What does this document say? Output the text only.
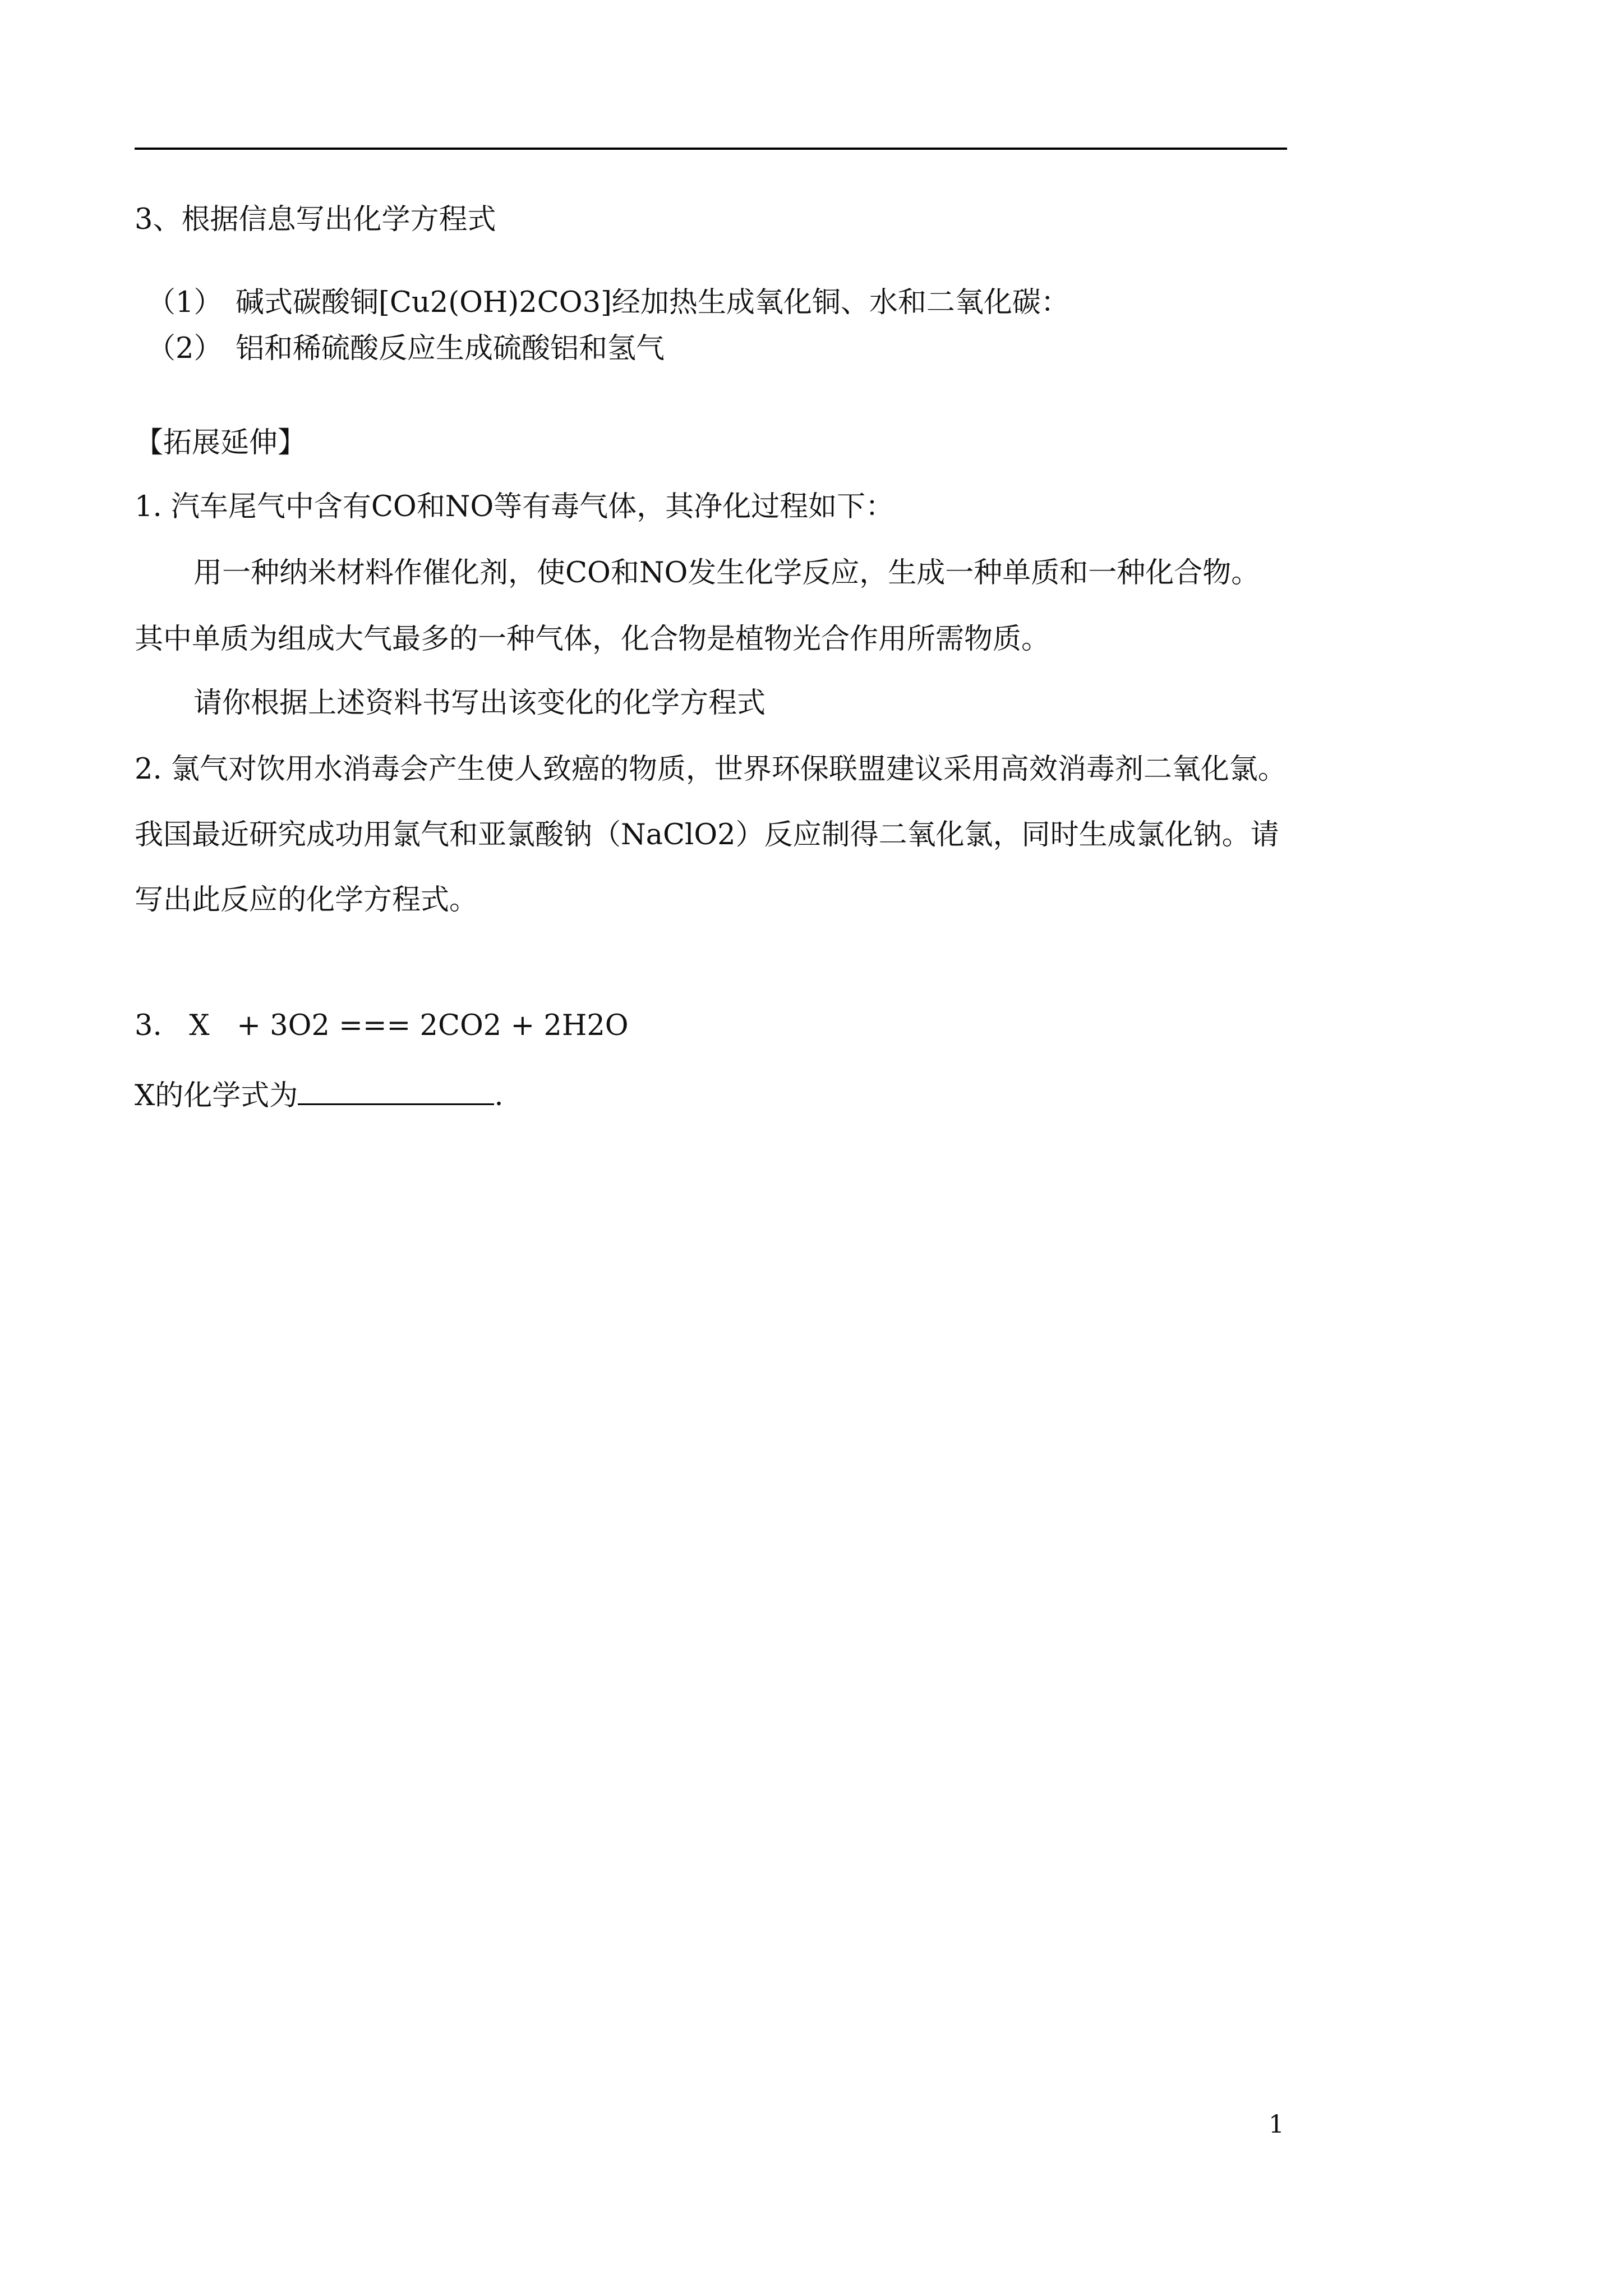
3、根据信息写出化学方程式
（1） 碱式碳酸铜[Cu2(OH)2CO3]经加热生成氧化铜、水和二氧化碳：
（2） 铝和稀硫酸反应生成硫酸铝和氢气
【拓展延伸】
1. 汽车尾气中含有CO和NO等有毒气体，其净化过程如下：
用一种纳米材料作催化剂，使CO和NO发生化学反应，生成一种单质和一种化合物。
其中单质为组成大气最多的一种气体，化合物是植物光合作用所需物质。
请你根据上述资料书写出该变化的化学方程式
2. 氯气对饮用水消毒会产生使人致癌的物质，世界环保联盟建议采用高效消毒剂二氧化氯。
我国最近研究成功用氯气和亚氯酸钠（NaClO2）反应制得二氧化氯，同时生成氯化钠。请
写出此反应的化学方程式。
3.   X   + 3O2 === 2CO2 + 2H2O
X的化学式为	.
1
